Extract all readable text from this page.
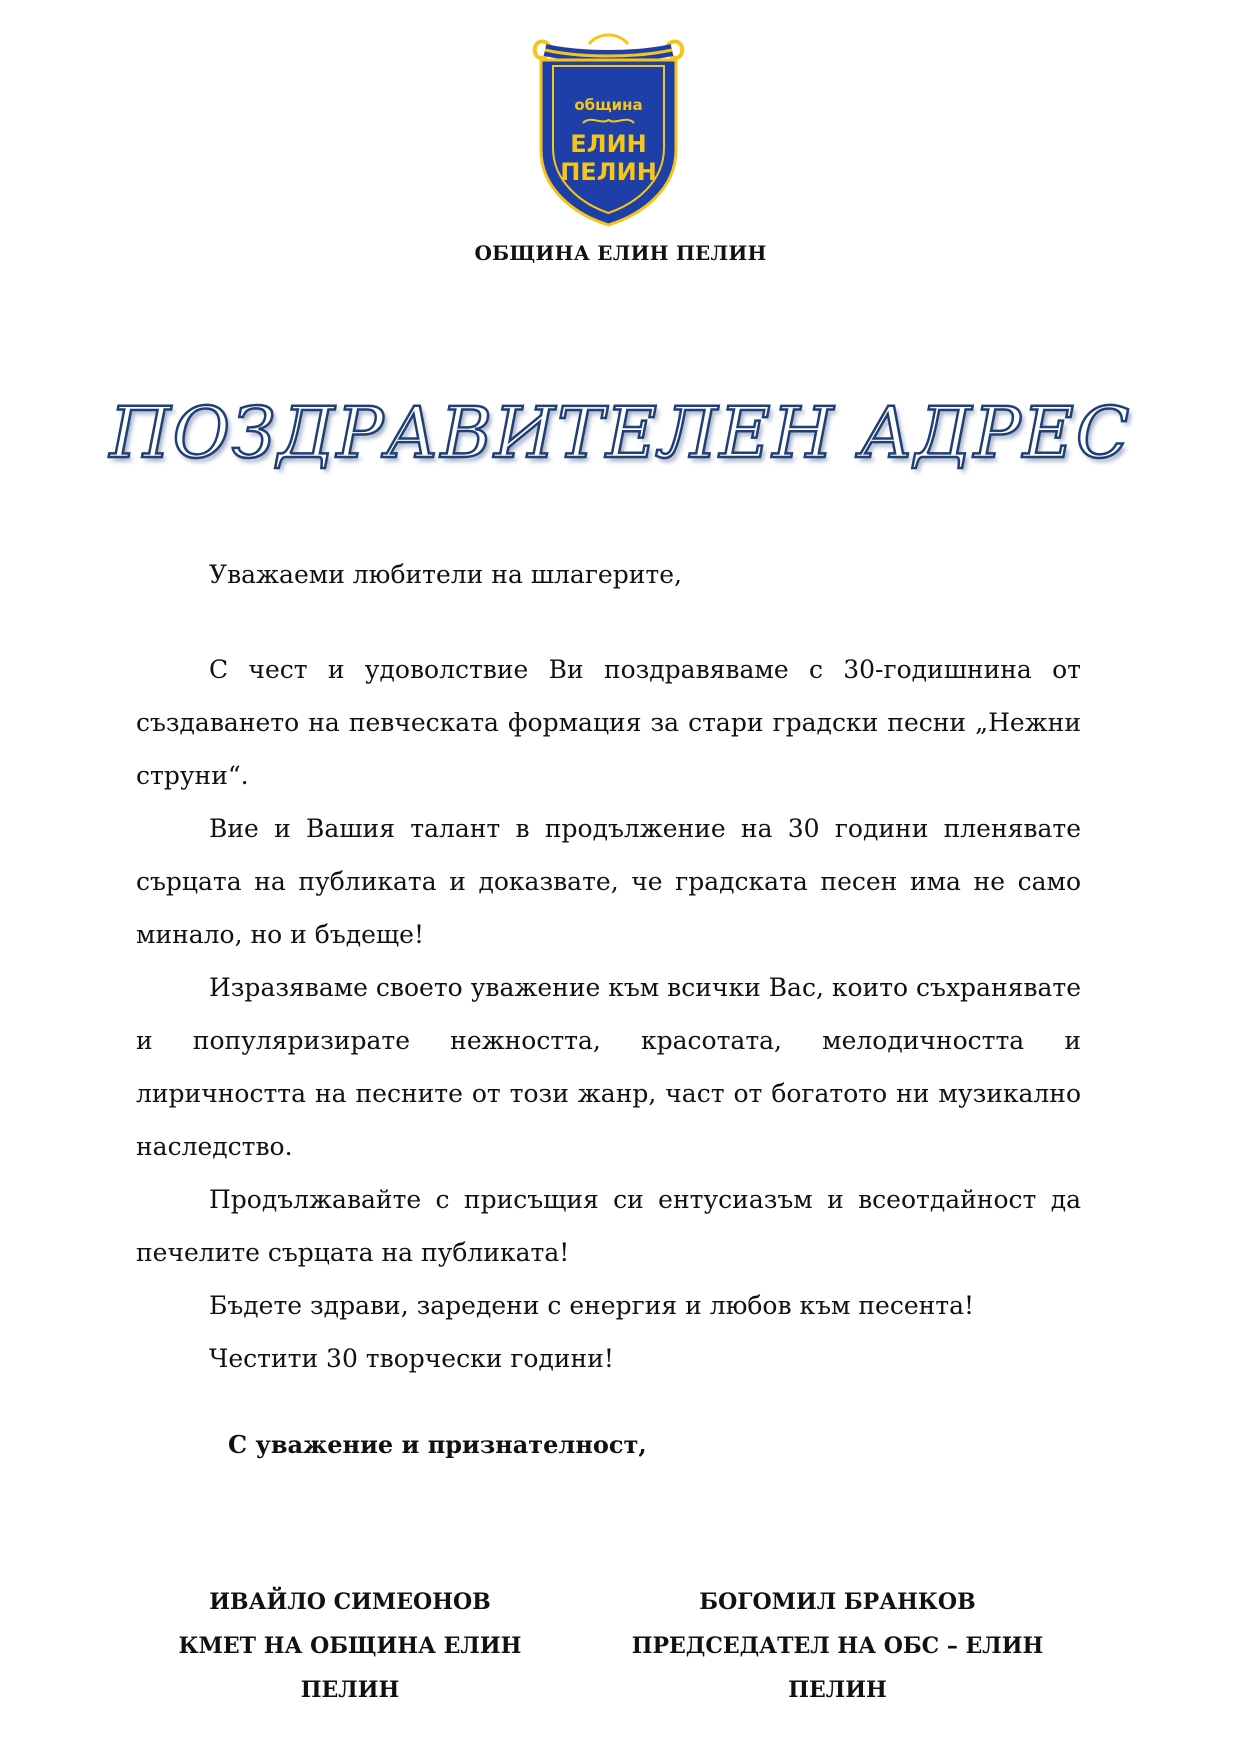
община
ЕЛИН
ПЕЛИН
ОБЩИНА ЕЛИН ПЕЛИН
ПОЗДРАВИТЕЛЕН АДРЕС
Уважаеми любители на шлагерите,
С чест и удоволствие Ви поздравяваме с 30-годишнина от създаването на певческата формация за стари градски песни „Нежни струни“.
Вие и Вашия талант в продължение на 30 години пленявате сърцата на публиката и доказвате, че градската песен има не само минало, но и бъдеще!
Изразяваме своето уважение към всички Вас, които съхранявате и популяризирате нежността, красотата, мелодичността и лиричността на песните от този жанр, част от богатото ни музикално наследство.
Продължавайте с присъщия си ентусиазъм и всеотдайност да печелите сърцата на публиката!
Бъдете здрави, заредени с енергия и любов към песента!
Честити 30 творчески години!
С уважение и признателност,
ИВАЙЛО СИМЕОНОВ
КМЕТ НА ОБЩИНА ЕЛИН ПЕЛИН
БОГОМИЛ БРАНКОВ
ПРЕДСЕДАТЕЛ НА ОБС – ЕЛИН ПЕЛИН
